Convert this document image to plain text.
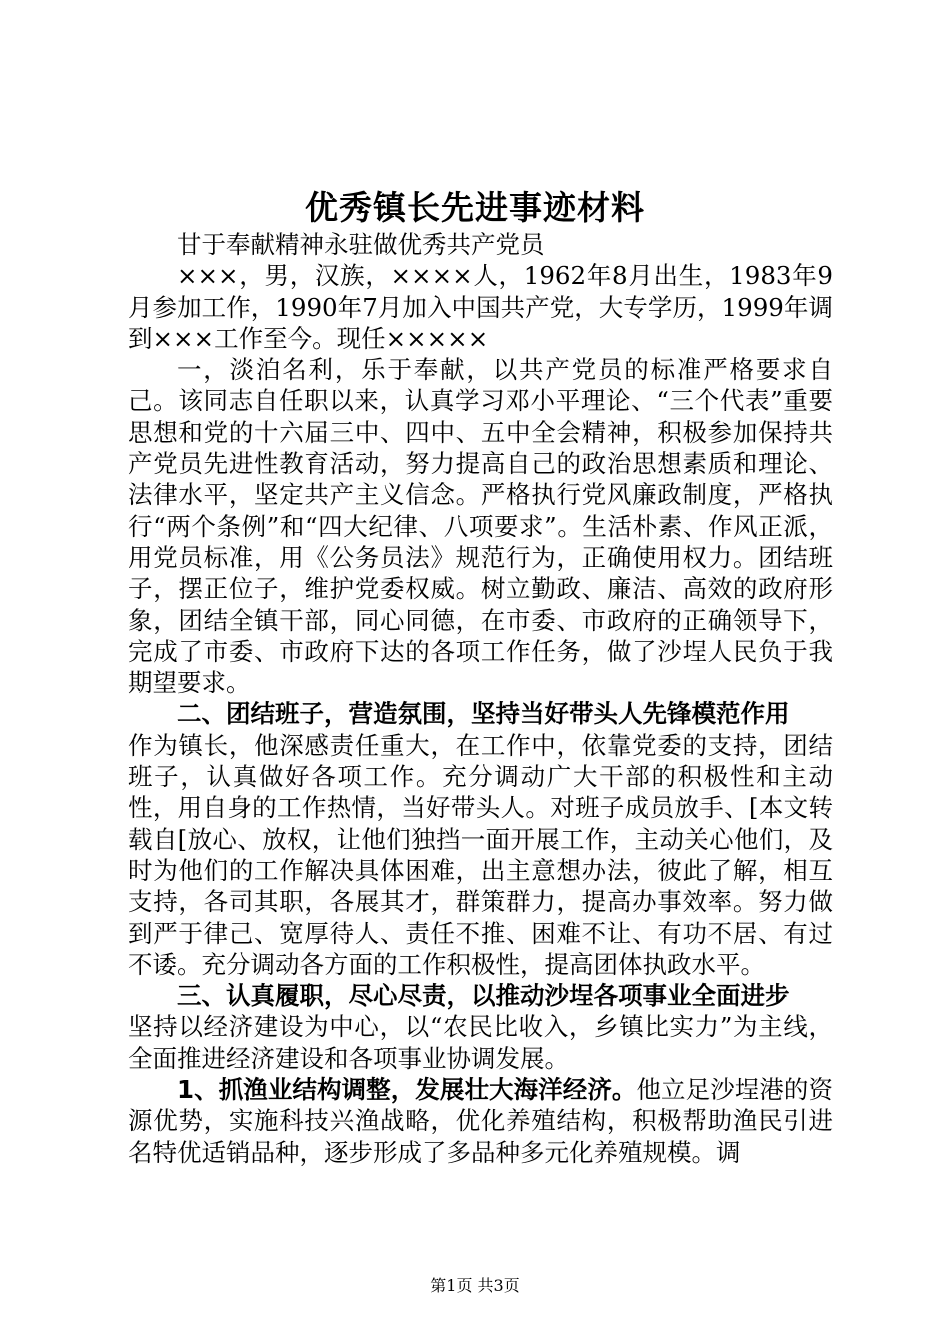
优秀镇长先进事迹材料

甘于奉献精神永驻做优秀共产党员

×××，男，汉族，××××人，1962年8月出生，1983年9月参加工作，1990年7月加入中国共产党，大专学历，1999年调到×××工作至今。现任×××××

一，淡泊名利，乐于奉献，以共产党员的标准严格要求自己。该同志自任职以来，认真学习邓小平理论、“三个代表”重要思想和党的十六届三中、四中、五中全会精神，积极参加保持共产党员先进性教育活动，努力提高自己的政治思想素质和理论、法律水平，坚定共产主义信念。严格执行党风廉政制度，严格执行“两个条例”和“四大纪律、八项要求”。生活朴素、作风正派，用党员标准，用《公务员法》规范行为，正确使用权力。团结班子，摆正位子，维护党委权威。树立勤政、廉洁、高效的政府形象，团结全镇干部，同心同德，在市委、市政府的正确领导下，完成了市委、市政府下达的各项工作任务，做了沙埕人民负于我期望要求。

二、团结班子，营造氛围，坚持当好带头人先锋模范作用

作为镇长，他深感责任重大，在工作中，依靠党委的支持，团结班子，认真做好各项工作。充分调动广大干部的积极性和主动性，用自身的工作热情，当好带头人。对班子成员放手、[本文转载自[放心、放权，让他们独挡一面开展工作，主动关心他们，及时为他们的工作解决具体困难，出主意想办法，彼此了解，相互支持，各司其职，各展其才，群策群力，提高办事效率。努力做到严于律己、宽厚待人、责任不推、困难不让、有功不居、有过不诿。充分调动各方面的工作积极性，提高团体执政水平。

三、认真履职，尽心尽责，以推动沙埕各项事业全面进步

坚持以经济建设为中心，以“农民比收入，乡镇比实力”为主线，全面推进经济建设和各项事业协调发展。

1、抓渔业结构调整，发展壮大海洋经济。他立足沙埕港的资源优势，实施科技兴渔战略，优化养殖结构，积极帮助渔民引进名特优适销品种，逐步形成了多品种多元化养殖规模。调

第1页 共3页
